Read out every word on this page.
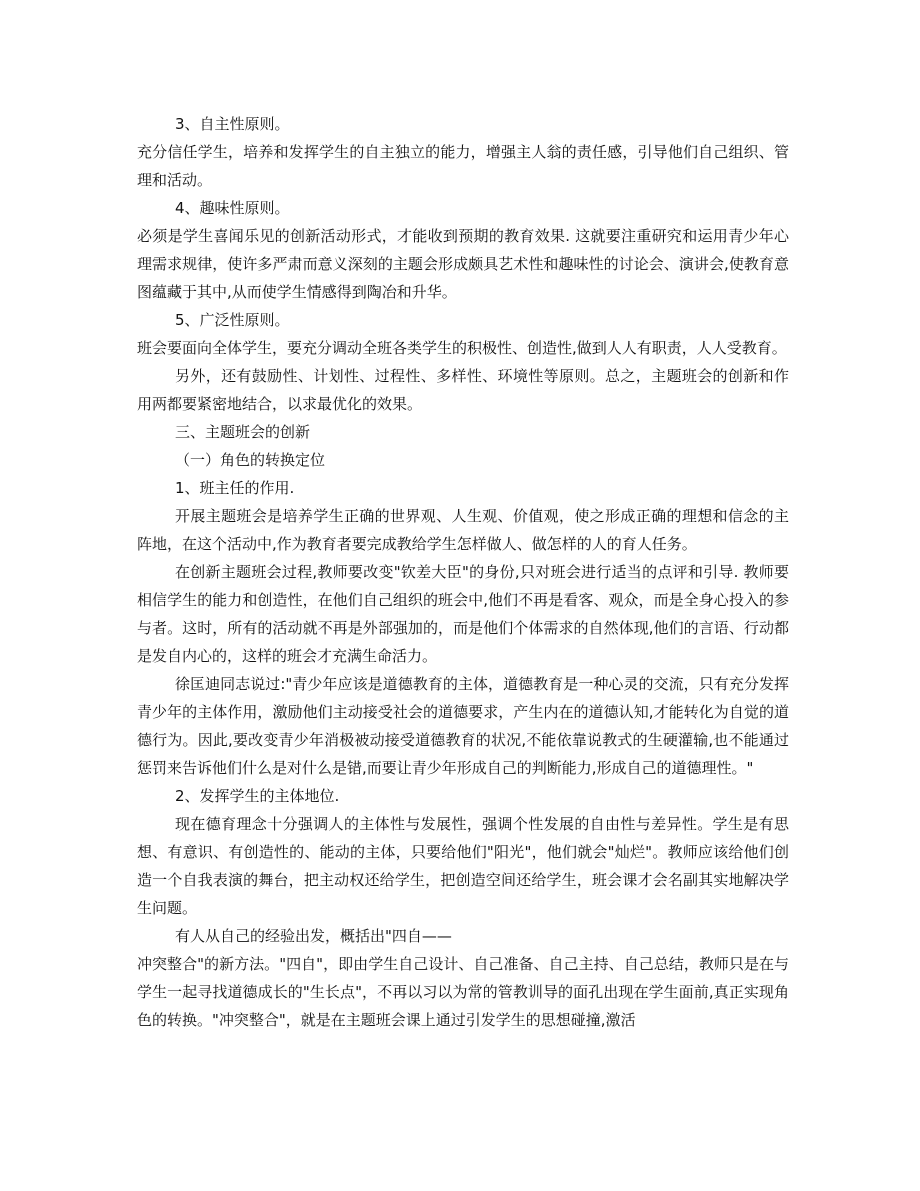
3、自主性原则。

充分信任学生，培养和发挥学生的自主独立的能力，增强主人翁的责任感，引导他们自己组织、管理和活动。

4、趣味性原则。

必须是学生喜闻乐见的创新活动形式，才能收到预期的教育效果. 这就要注重研究和运用青少年心理需求规律，使许多严肃而意义深刻的主题会形成颇具艺术性和趣味性的讨论会、演讲会,使教育意图蕴藏于其中,从而使学生情感得到陶冶和升华。

5、广泛性原则。

班会要面向全体学生，要充分调动全班各类学生的积极性、创造性,做到人人有职责，人人受教育。

另外，还有鼓励性、计划性、过程性、多样性、环境性等原则。总之，主题班会的创新和作用两都要紧密地结合，以求最优化的效果。

三、主题班会的创新

（一）角色的转换定位

1、班主任的作用.

开展主题班会是培养学生正确的世界观、人生观、价值观，使之形成正确的理想和信念的主阵地，在这个活动中,作为教育者要完成教给学生怎样做人、做怎样的人的育人任务。

在创新主题班会过程,教师要改变"钦差大臣"的身份,只对班会进行适当的点评和引导. 教师要相信学生的能力和创造性，在他们自己组织的班会中,他们不再是看客、观众，而是全身心投入的参与者。这时，所有的活动就不再是外部强加的，而是他们个体需求的自然体现,他们的言语、行动都是发自内心的，这样的班会才充满生命活力。

徐匡迪同志说过:"青少年应该是道德教育的主体，道德教育是一种心灵的交流，只有充分发挥青少年的主体作用，激励他们主动接受社会的道德要求，产生内在的道德认知,才能转化为自觉的道德行为。因此,要改变青少年消极被动接受道德教育的状况,不能依靠说教式的生硬灌输,也不能通过惩罚来告诉他们什么是对什么是错,而要让青少年形成自己的判断能力,形成自己的道德理性。"

2、发挥学生的主体地位.

现在德育理念十分强调人的主体性与发展性，强调个性发展的自由性与差异性。学生是有思想、有意识、有创造性的、能动的主体，只要给他们"阳光"，他们就会"灿烂"。教师应该给他们创造一个自我表演的舞台，把主动权还给学生，把创造空间还给学生，班会课才会名副其实地解决学生问题。

有人从自己的经验出发，概括出"四自——

冲突整合"的新方法。"四自"，即由学生自己设计、自己准备、自己主持、自己总结，教师只是在与学生一起寻找道德成长的"生长点"，不再以习以为常的管教训导的面孔出现在学生面前,真正实现角色的转换。"冲突整合"，就是在主题班会课上通过引发学生的思想碰撞,激活
